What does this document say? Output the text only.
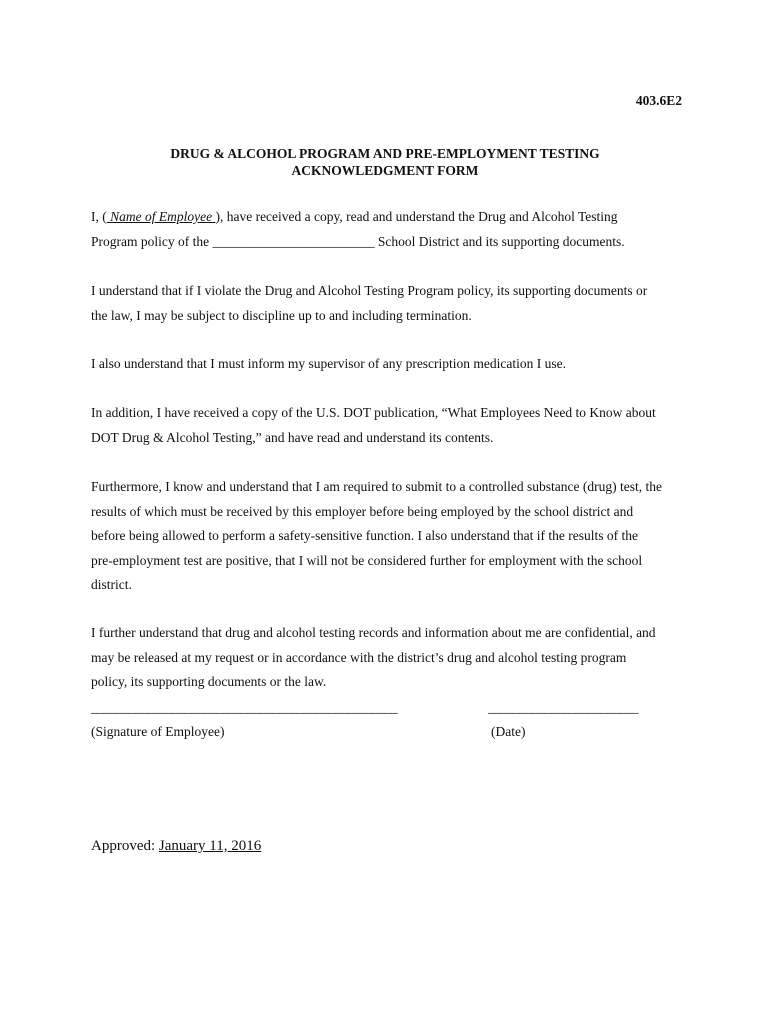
403.6E2
DRUG & ALCOHOL PROGRAM AND PRE-EMPLOYMENT TESTING
ACKNOWLEDGMENT FORM
I, ( Name of Employee ), have received a copy, read and understand the Drug and Alcohol Testing
Program policy of the ________________________ School District and its supporting documents.
I understand that if I violate the Drug and Alcohol Testing Program policy, its supporting documents or
the law, I may be subject to discipline up to and including termination.
I also understand that I must inform my supervisor of any prescription medication I use.
In addition, I have received a copy of the U.S. DOT publication, “What Employees Need to Know about
DOT Drug & Alcohol Testing,” and have read and understand its contents.
Furthermore, I know and understand that I am required to submit to a controlled substance (drug) test, the
results of which must be received by this employer before being employed by the school district and
before being allowed to perform a safety-sensitive function. I also understand that if the results of the
pre-employment test are positive, that I will not be considered further for employment with the school
district.
I further understand that drug and alcohol testing records and information about me are confidential, and
may be released at my request or in accordance with the district’s drug and alcohol testing program
policy, its supporting documents or the law.
_________________________________________________	________________________
(Signature of Employee)	(Date)
Approved: January 11, 2016
